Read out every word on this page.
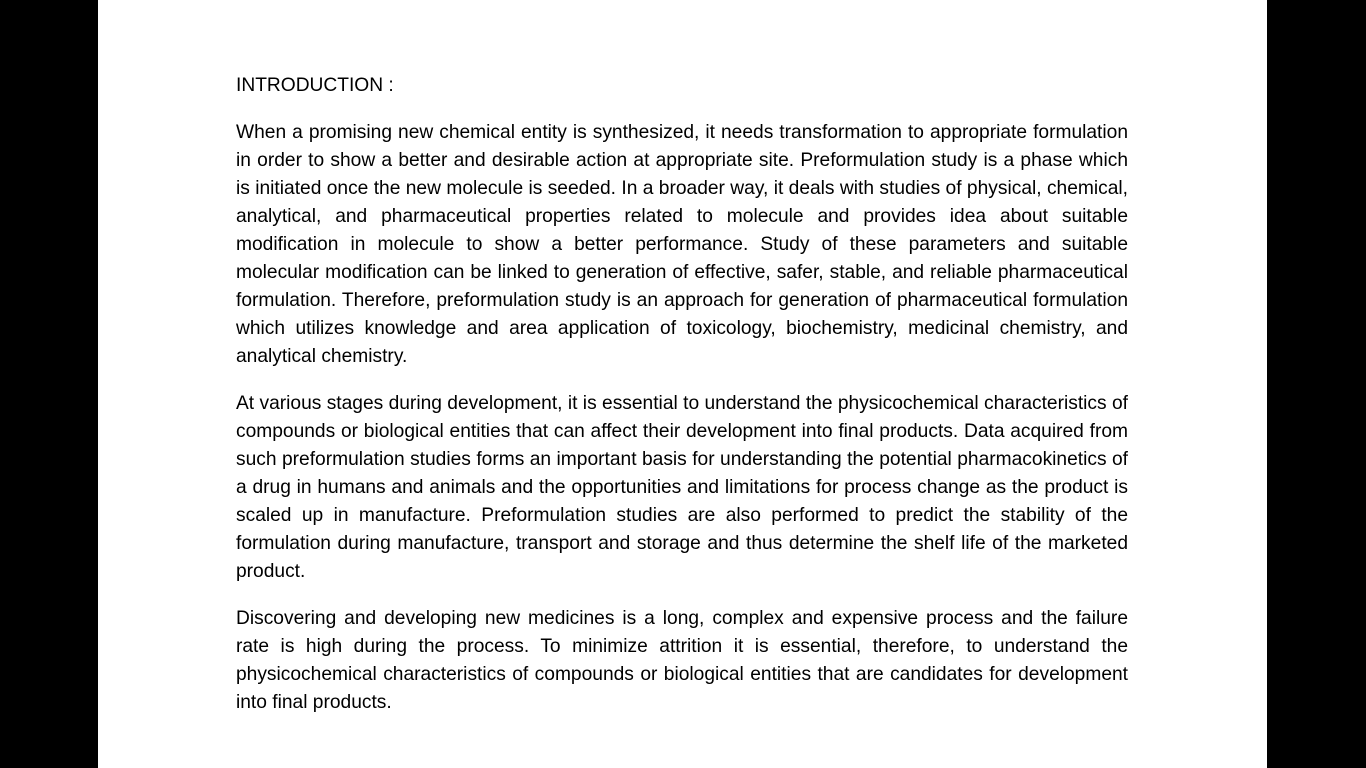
INTRODUCTION :

When a promising new chemical entity is synthesized, it needs transformation to appropriate formulation in order to show a better and desirable action at appropriate site. Preformulation study is a phase which is initiated once the new molecule is seeded. In a broader way, it deals with studies of physical, chemical, analytical, and pharmaceutical properties related to molecule and provides idea about suitable modification in molecule to show a better performance. Study of these parameters and suitable molecular modification can be linked to generation of effective, safer, stable, and reliable pharmaceutical formulation. Therefore, preformulation study is an approach for generation of pharmaceutical formulation which utilizes knowledge and area application of toxicology, biochemistry, medicinal chemistry, and analytical chemistry.

At various stages during development, it is essential to understand the physicochemical characteristics of compounds or biological entities that can affect their development into final products. Data acquired from such preformulation studies forms an important basis for understanding the potential pharmacokinetics of a drug in humans and animals and the opportunities and limitations for process change as the product is scaled up in manufacture. Preformulation studies are also performed to predict the stability of the formulation during manufacture, transport and storage and thus determine the shelf life of the marketed product.

Discovering and developing new medicines is a long, complex and expensive process and the failure rate is high during the process. To minimize attrition it is essential, therefore, to understand the physicochemical characteristics of compounds or biological entities that are candidates for development into final products.
